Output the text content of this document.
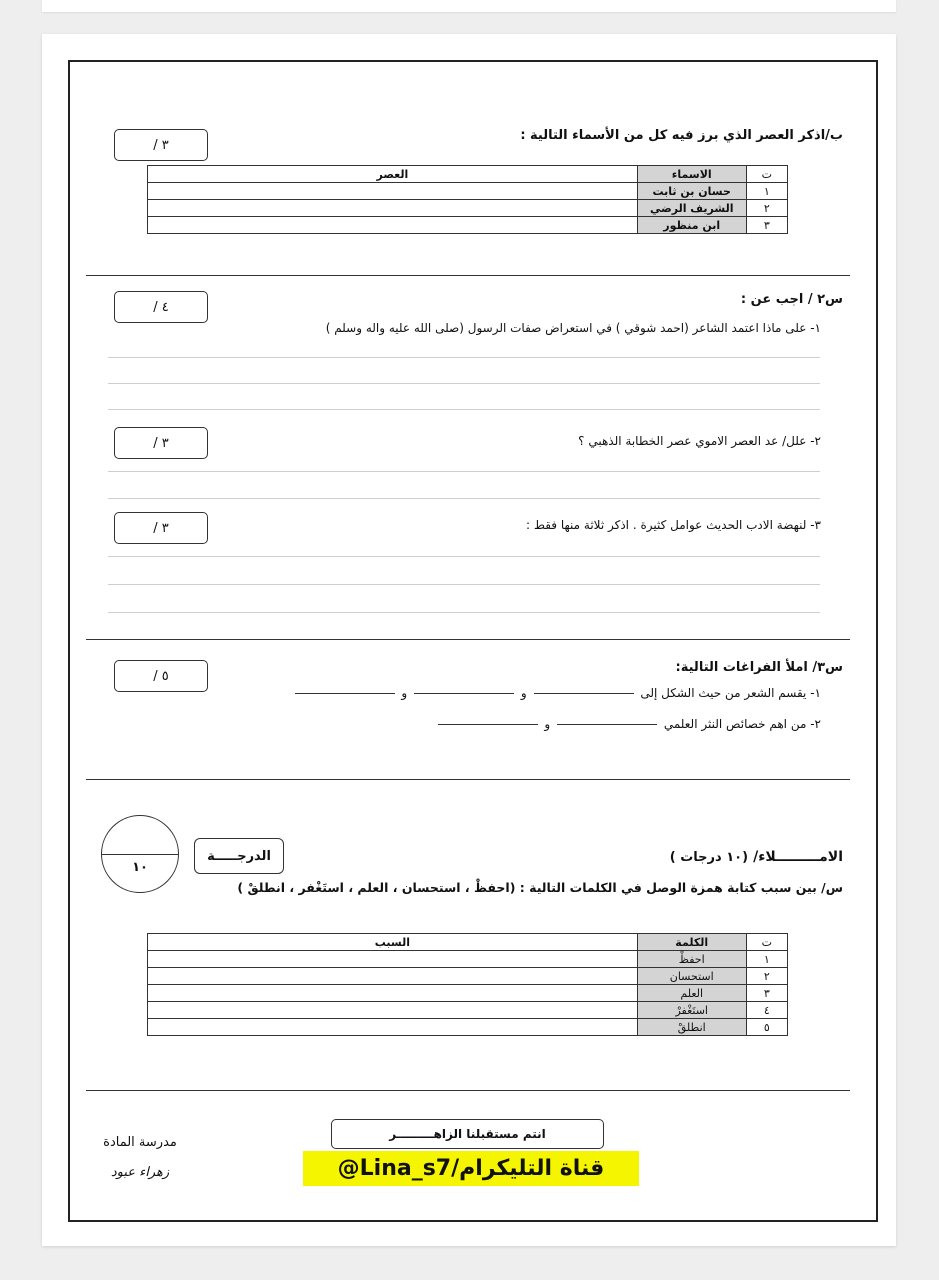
ب/اذكر العصر الذي برز فيه كل من الأسماء التالية :
/ ٣
ت	الاسماء	العصر
١	حسان بن ثابت	
٢	الشريف الرضي	
٣	ابن منظور	
س٢ / اجب عن :
/ ٤
١- على ماذا اعتمد الشاعر (احمد شوقي ) في استعراض صفات الرسول (صلى الله عليه واله وسلم )
/ ٣	٢- علل/ عد العصر الاموي عصر الخطابة الذهبي ؟
/ ٣	٣- لنهضة الادب الحديث عوامل كثيرة . اذكر ثلاثة منها فقط :
س٣/ املأ الفراغات التالية:
/ ٥
١- يقسم الشعر من حيث الشكل إلى  و  و
٢- من اهم خصائص النثر العلمي  و
١٠
الدرجـــــة	الامـــــــــلاء/ (١٠ درجات )
س/ بين سبب كتابة همزة الوصل في الكلمات التالية : (احفظْ ، استحسان ، العلم ، استَغْفر ، انطلقْ )
ت	الكلمة	السبب
١	احفظْ	
٢	استحسان	
٣	العلم	
٤	استَغْفرْ	
٥	انطلقْ	
انتم مستقبلنا الزاهـــــــــر
@Lina_s7/قناة التليكرام
مدرسة المادة
زهراء عبود
